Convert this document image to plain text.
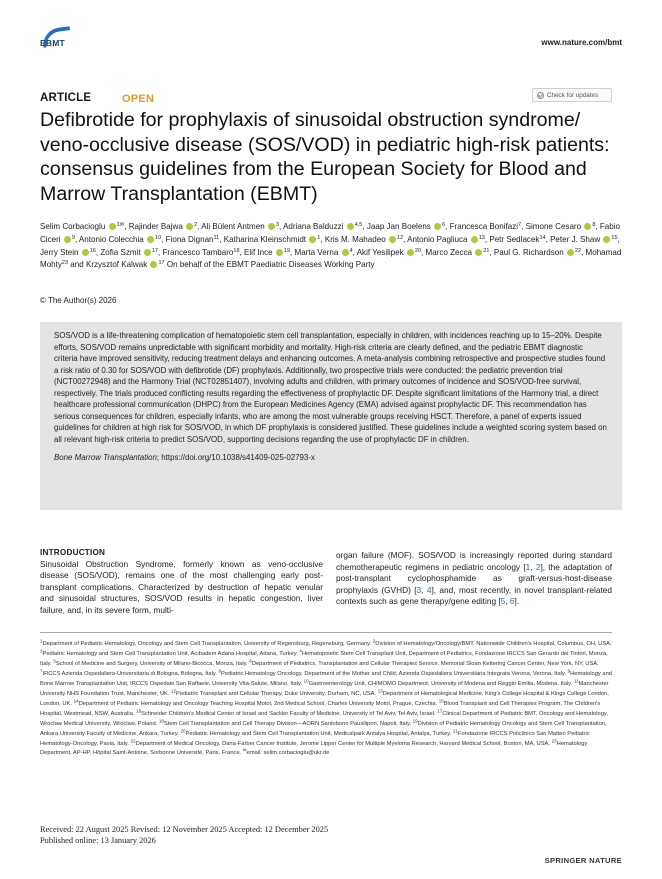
EBMT	www.nature.com/bmt
ARTICLE	OPEN	Check for updates
Defibrotide for prophylaxis of sinusoidal obstruction syndrome/ veno-occlusive disease (SOS/VOD) in pediatric high-risk patients: consensus guidelines from the European Society for Blood and Marrow Transplantation (EBMT)

Selim Corbacioglu $^{1✉}$, Rajinder Bajwa $^2$, Ali Bülent Antmen $^3$, Adriana Balduzzi $^{4,5}$, Jaap Jan Boelens $^6$, Francesca Bonifazi$^7$, Simone Cesaro $^8$, Fabio Ciceri $^9$, Antonio Colecchia $^{10}$, Fiona Dignan$^{11}$, Katharina Kleinschmidt $^1$, Kris M. Mahadeo $^{12}$, Antonio Pagliuca $^{13}$, Petr Sedlacek$^{14}$, Peter J. Shaw $^{15}$, Jerry Stein $^{16}$, Zofia Szmit $^{17}$, Francesco Tambaro$^{18}$, Elif Ince $^{19}$, Marta Verna $^4$, Akif Yesilipek $^{20}$, Marco Zecca $^{21}$, Paul G. Richardson $^{22}$, Mohamad Mohty$^{23}$ and Krzysztof Kalwak $^{17}$ On behalf of the EBMT Paediatric Diseases Working Party

© The Author(s) 2026

SOS/VOD is a life-threatening complication of hematopoietic stem cell transplantation, especially in children, with incidences reaching up to 15–20%. Despite efforts, SOS/VOD remains unpredictable with significant morbidity and mortality. High-risk criteria are clearly defined, and the pediatric EBMT diagnostic criteria have improved sensitivity, reducing treatment delays and enhancing outcomes. A meta-analysis combining retrospective and prospective studies found a risk ratio of 0.30 for SOS/VOD with defibrotide (DF) prophylaxis. Additionally, two prospective trials were conducted: the pediatric prevention trial (NCT00272948) and the Harmony Trial (NCT02851407), involving adults and children, with primary outcomes of incidence and SOS/VOD-free survival, respectively. The trials produced conflicting results regarding the effectiveness of prophylactic DF. Despite significant limitations of the Harmony trial, a direct healthcare professional communication (DHPC) from the European Medicines Agency (EMA) advised against prophylactic DF. This recommendation has serious consequences for children, especially infants, who are among the most vulnerable groups receiving HSCT. Therefore, a panel of experts issued guidelines for children at high risk for SOS/VOD, in which DF prophylaxis is considered justified. These guidelines include a weighted scoring system based on all relevant high-risk criteria to predict SOS/VOD, supporting decisions regarding the use of prophylactic DF in children.

Bone Marrow Transplantation; https://doi.org/10.1038/s41409-025-02793-x

INTRODUCTION

Sinusoidal Obstruction Syndrome, formerly known as veno-occlusive disease (SOS/VOD), remains one of the most challenging early post-transplant complications. Characterized by destruction of hepatic venular and sinusoidal structures, SOS/VOD results in hepatic congestion, liver failure, and, in its severe form, multi-

organ failure (MOF). SOS/VOD is increasingly reported during standard chemotherapeutic regimens in pediatric oncology [1, 2], the adaptation of post-transplant cyclophosphamide as graft-versus-host-disease prophylaxis (GVHD) [3, 4], and, most recently, in novel transplant-related contexts such as gene therapy/gene editing [5, 6].

$^1$Department of Pediatric Hematology, Oncology and Stem Cell Transplantation, University of Regensburg, Regensburg, Germany. $^2$Division of Hematology/Oncology/BMT, Nationwide Children's Hospital, Columbus, OH, USA. $^3$Pediatric Hematology and Stem Cell Transplantation Unit, Acıbadem Adana Hospital, Adana, Turkey. $^4$Hematopoietic Stem Cell Transplant Unit, Department of Pediatrics, Fondazione IRCCS San Gerardo dei Tintori, Monza, Italy. $^5$School of Medicine and Surgery, University of Milano-Bicocca, Monza, Italy. $^6$Department of Pediatrics, Transplantation and Cellular Therapies Service, Memorial Sloan Kettering Cancer Center, New York, NY, USA. $^7$IRCCS Azienda Ospedaliera-Universitaria di Bologna, Bologna, Italy. $^8$Pediatric Hematology Oncology, Department of the Mother and Child, Azienda Ospedaliera Universitaria Integrata Verona, Verona, Italy. $^9$Hematology and Bone Marrow Transplantation Unit, IRCCS Ospedale San Raffaele, University Vita-Salute, Milano, Italy. $^{10}$Gastroenterology Unit, CHIMOMO Department, University of Modena and Reggio Emilia, Modena, Italy. $^{11}$Manchester University NHS Foundation Trust, Manchester, UK. $^{12}$Pediatric Transplant and Cellular Therapy, Duke University, Durham, NC, USA. $^{13}$Department of Hematological Medicine, King's College Hospital & Kings College London, London, UK. $^{14}$Department of Pediatric Hematology and Oncology Teaching Hospital Motol, 2nd Medical School, Charles University Motol, Prague, Czechia. $^{15}$Blood Transplant and Cell Therapies Program, The Children's Hospital, Westmead, NSW, Australia. $^{16}$Schneider Children's Medical Center of Israel and Sackler Faculty of Medicine, University of Tel Aviv, Tel Aviv, Israel. $^{17}$Clinical Department of Pediatric BMT, Oncology and Hematology, Wroclaw Medical University, Wroclaw, Poland. $^{18}$Stem Cell Transplantation and Cell Therapy Division—AORN Santobono Pausilipon, Napoli, Italy. $^{19}$Division of Pediatric Hematology Oncology and Stem Cell Transplantation, Ankara University Faculty of Medicine, Ankara, Turkey. $^{20}$Pediatric Hematology and Stem Cell Transplantation Unit, Medicalpark Antalya Hospital, Antalya, Turkey. $^{21}$Fondazione IRCCS Policlinico San Matteo Pediatric Hematology-Oncology, Pavia, Italy. $^{22}$Department of Medical Oncology, Dana-Farber Cancer Institute, Jerome Lipper Center for Multiple Myeloma Research, Harvard Medical School, Boston, MA, USA. $^{23}$Hematology Department, AP-HP, Hôpital Saint-Antoine, Sorbonne Université, Paris, France. ✉email: selim.corbacioglu@ukr.de

Received: 22 August 2025 Revised: 12 November 2025 Accepted: 12 December 2025
Published online: 13 January 2026
SPRINGER NATURE
